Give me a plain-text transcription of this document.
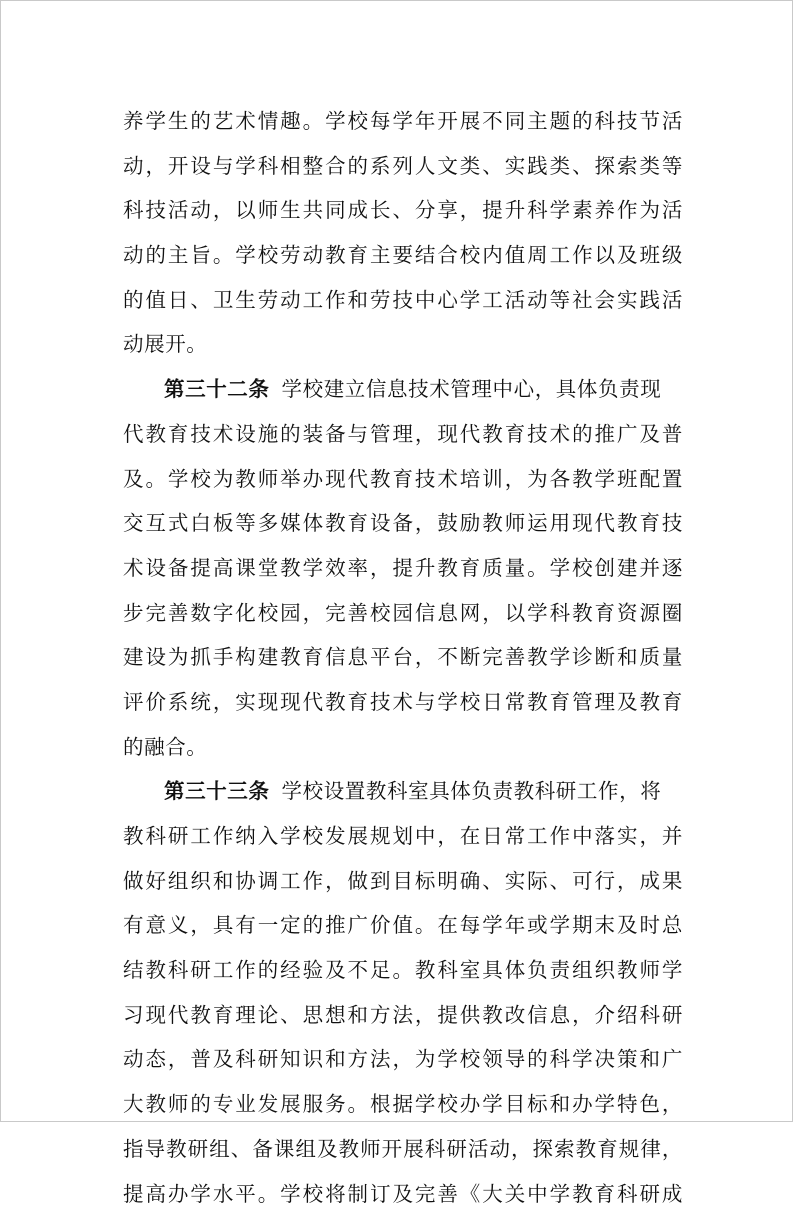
养学生的艺术情趣。学校每学年开展不同主题的科技节活
动，开设与学科相整合的系列人文类、实践类、探索类等
科技活动，以师生共同成长、分享，提升科学素养作为活
动的主旨。学校劳动教育主要结合校内值周工作以及班级
的值日、卫生劳动工作和劳技中心学工活动等社会实践活
动展开。
第三十二条 学校建立信息技术管理中心，具体负责现
代教育技术设施的装备与管理，现代教育技术的推广及普
及。学校为教师举办现代教育技术培训，为各教学班配置
交互式白板等多媒体教育设备，鼓励教师运用现代教育技
术设备提高课堂教学效率，提升教育质量。学校创建并逐
步完善数字化校园，完善校园信息网，以学科教育资源圈
建设为抓手构建教育信息平台，不断完善教学诊断和质量
评价系统，实现现代教育技术与学校日常教育管理及教育
的融合。
第三十三条 学校设置教科室具体负责教科研工作，将
教科研工作纳入学校发展规划中，在日常工作中落实，并
做好组织和协调工作，做到目标明确、实际、可行，成果
有意义，具有一定的推广价值。在每学年或学期末及时总
结教科研工作的经验及不足。教科室具体负责组织教师学
习现代教育理论、思想和方法，提供教改信息，介绍科研
动态，普及科研知识和方法，为学校领导的科学决策和广
大教师的专业发展服务。根据学校办学目标和办学特色，
指导教研组、备课组及教师开展科研活动，探索教育规律，
提高办学水平。学校将制订及完善《大关中学教育科研成
